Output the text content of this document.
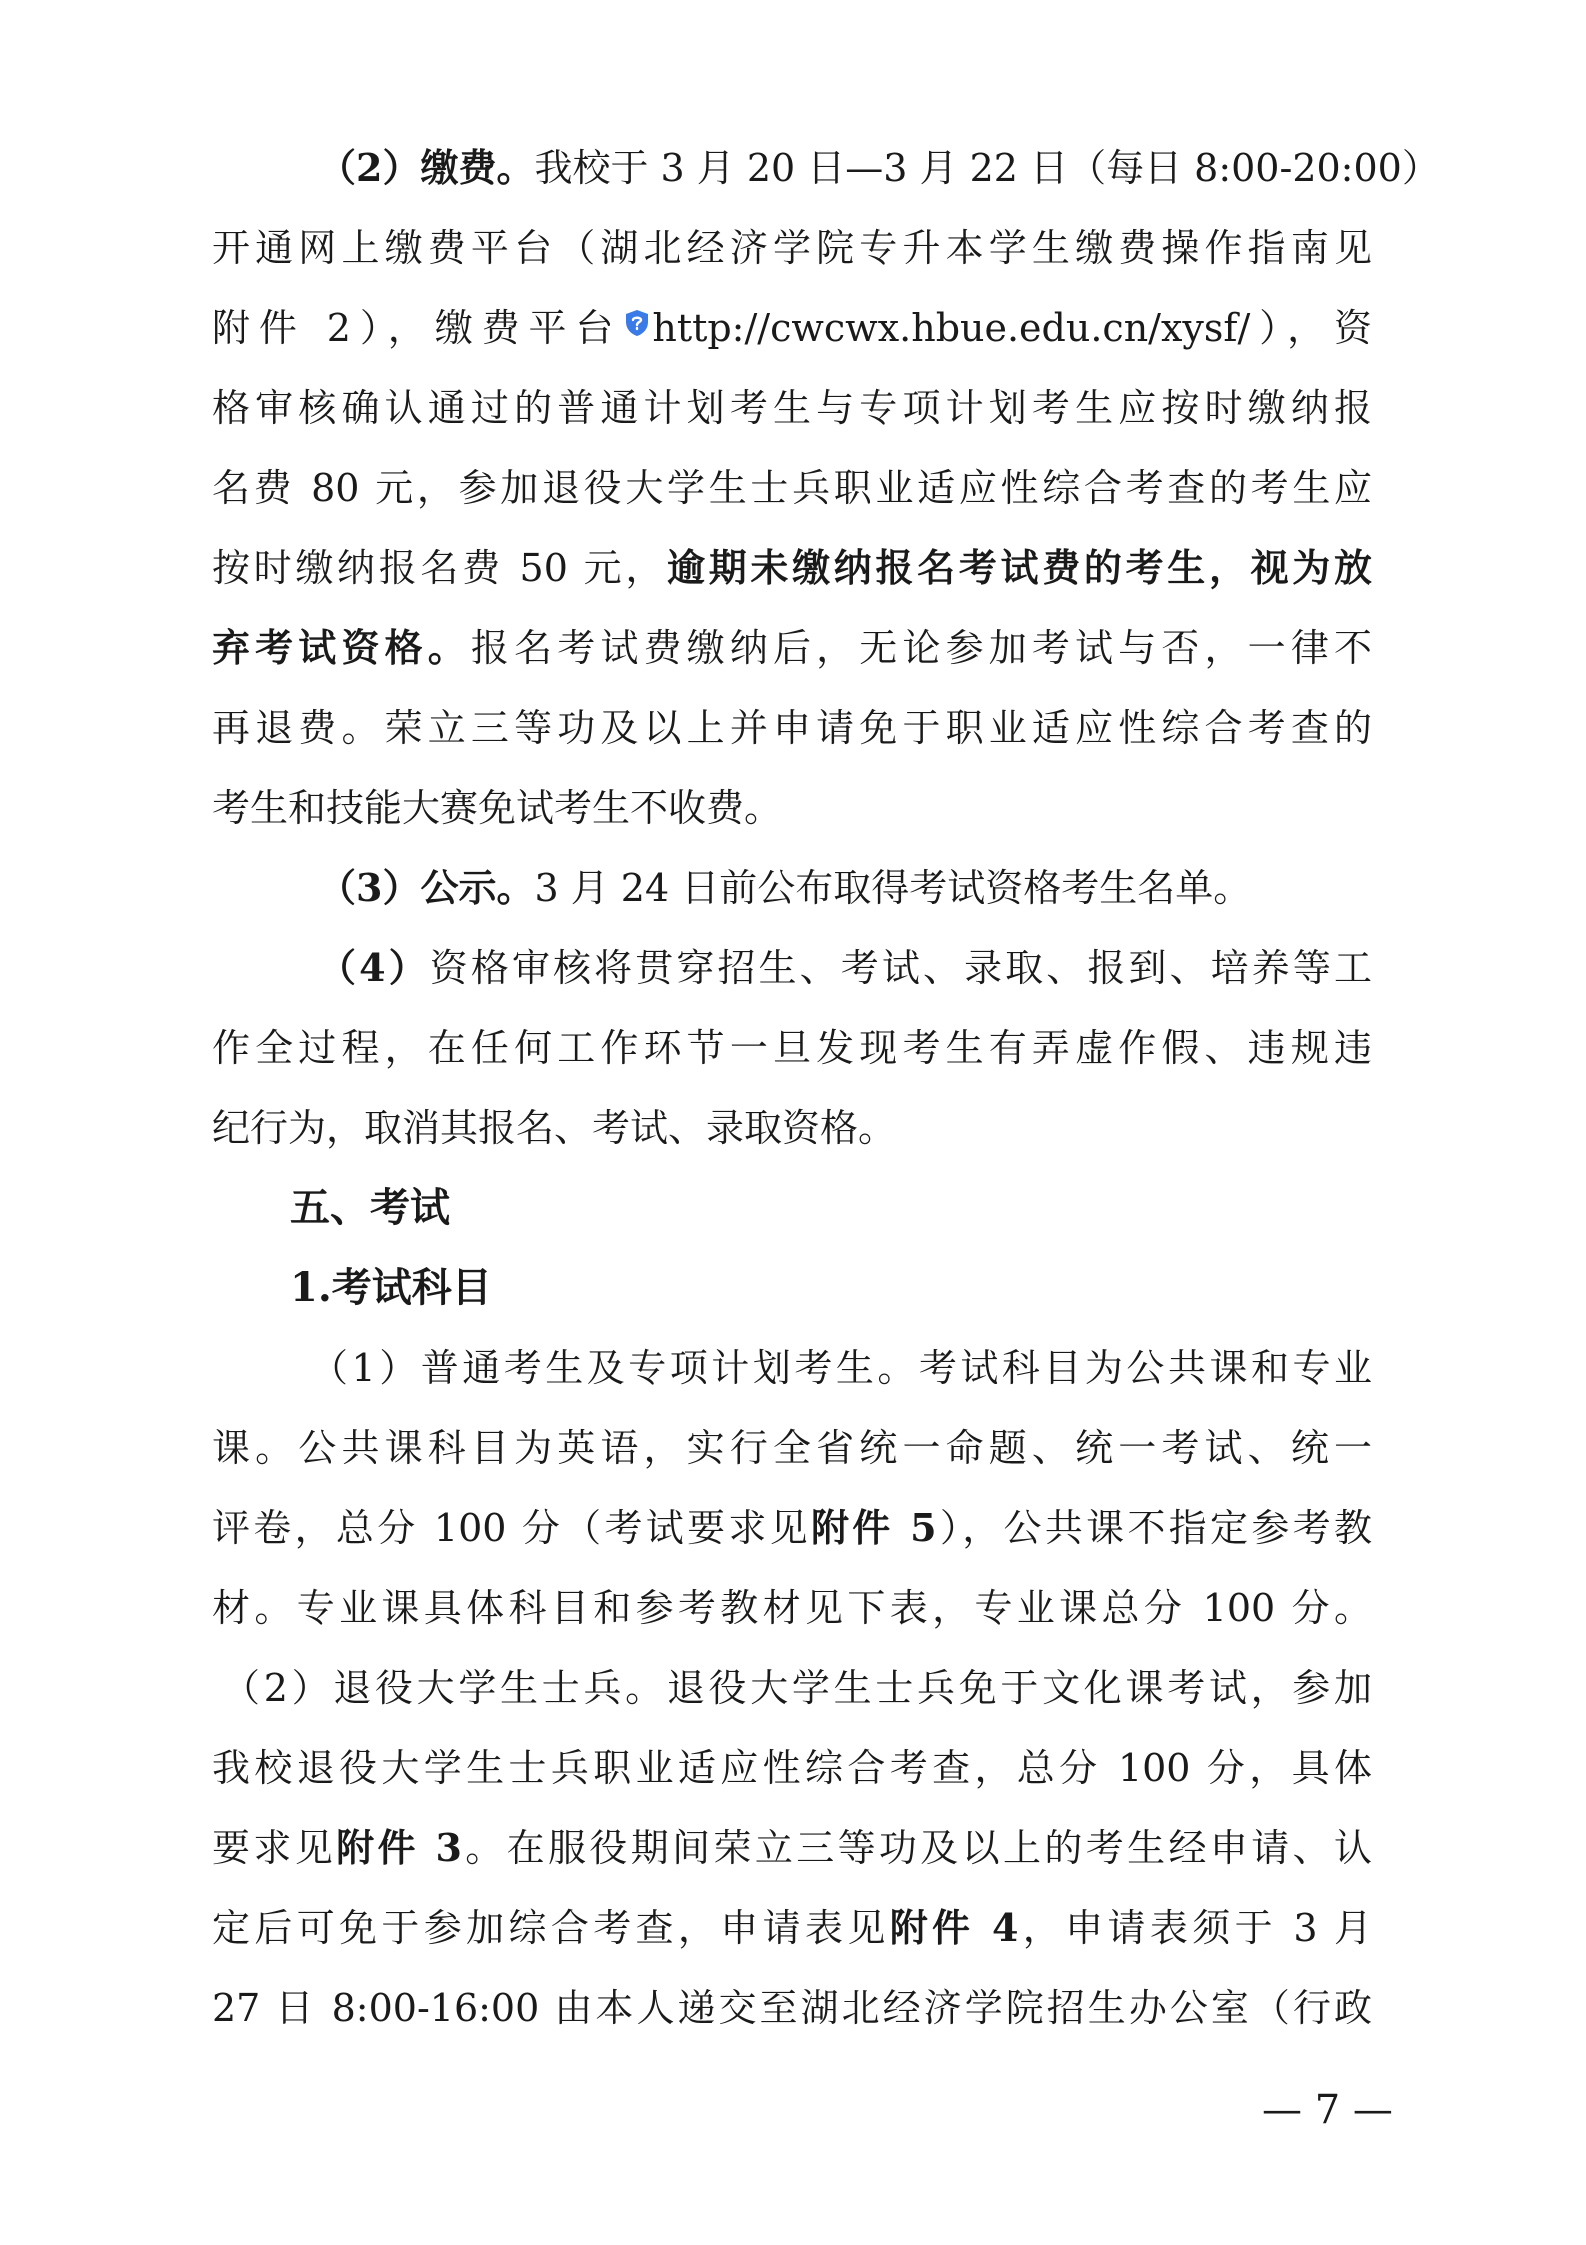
（2）缴费。我校于 3 月 20 日—3 月 22 日（每日 8:00-20:00）
开通网上缴费平台（湖北经济学院专升本学生缴费操作指南见
附件 2），缴费平台 http://cwcwx.hbue.edu.cn/xysf/），资
格审核确认通过的普通计划考生与专项计划考生应按时缴纳报
名费 80 元，参加退役大学生士兵职业适应性综合考查的考生应
按时缴纳报名费 50 元，逾期未缴纳报名考试费的考生，视为放
弃考试资格。报名考试费缴纳后，无论参加考试与否，一律不
再退费。荣立三等功及以上并申请免于职业适应性综合考查的
考生和技能大赛免试考生不收费。
（3）公示。3 月 24 日前公布取得考试资格考生名单。
（4）资格审核将贯穿招生、考试、录取、报到、培养等工
作全过程，在任何工作环节一旦发现考生有弄虚作假、违规违
纪行为，取消其报名、考试、录取资格。
五、考试
1.考试科目
（1）普通考生及专项计划考生。考试科目为公共课和专业
课。公共课科目为英语，实行全省统一命题、统一考试、统一
评卷，总分 100 分（考试要求见附件 5），公共课不指定参考教
材。专业课具体科目和参考教材见下表，专业课总分 100 分。
（2）退役大学生士兵。退役大学生士兵免于文化课考试，参加
我校退役大学生士兵职业适应性综合考查，总分 100 分，具体
要求见附件 3。在服役期间荣立三等功及以上的考生经申请、认
定后可免于参加综合考查，申请表见附件 4，申请表须于 3 月
27 日 8:00-16:00 由本人递交至湖北经济学院招生办公室（行政
— 7 —
